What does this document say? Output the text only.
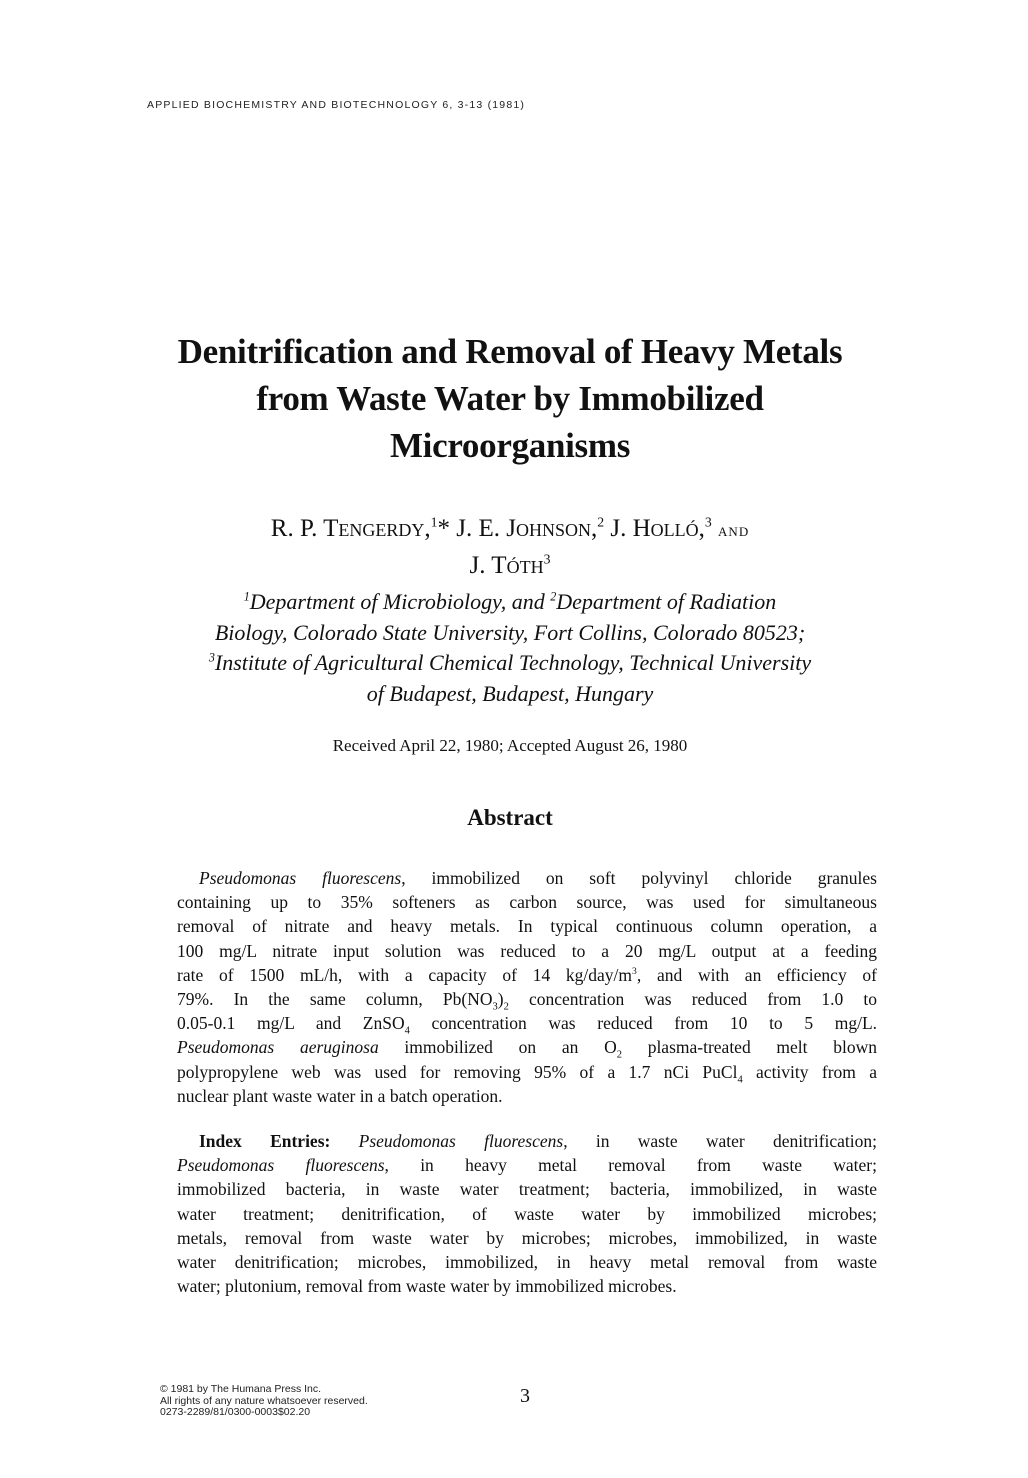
APPLIED BIOCHEMISTRY AND BIOTECHNOLOGY 6, 3-13 (1981)
Denitrification and Removal of Heavy Metals
from Waste Water by Immobilized
Microorganisms
R. P. Tengerdy,$^1$* J. E. Johnson,$^2$ J. Holló,$^3$ and
J. Tóth$^3$
$^1$Department of Microbiology, and $^2$Department of Radiation
Biology, Colorado State University, Fort Collins, Colorado 80523;
$^3$Institute of Agricultural Chemical Technology, Technical University
of Budapest, Budapest, Hungary
Received April 22, 1980; Accepted August 26, 1980
Abstract
Pseudomonas fluorescens, immobilized on soft polyvinyl chloride granules
containing up to 35% softeners as carbon source, was used for simultaneous
removal of nitrate and heavy metals. In typical continuous column operation, a
100 mg/L nitrate input solution was reduced to a 20 mg/L output at a feeding
rate of 1500 mL/h, with a capacity of 14 $kg/day/m^3$, and with an efficiency of
79%. In the same column, $Pb(NO_3)_2$ concentration was reduced from 1.0 to
0.05-0.1 mg/L and ZnSO$_4$ concentration was reduced from 10 to 5 mg/L.
Pseudomonas aeruginosa immobilized on an $O_2$ plasma-treated melt blown
polypropylene web was used for removing 95% of a 1.7 nCi PuCl$_4$ activity from a
nuclear plant waste water in a batch operation.
Index Entries: Pseudomonas fluorescens, in waste water denitrification;
Pseudomonas fluorescens, in heavy metal removal from waste water;
immobilized bacteria, in waste water treatment; bacteria, immobilized, in waste
water treatment; denitrification, of waste water by immobilized microbes;
metals, removal from waste water by microbes; microbes, immobilized, in waste
water denitrification; microbes, immobilized, in heavy metal removal from waste
water; plutonium, removal from waste water by immobilized microbes.
© 1981 by The Humana Press Inc.
All rights of any nature whatsoever reserved.
0273-2289/81/0300-0003$02.20
3
